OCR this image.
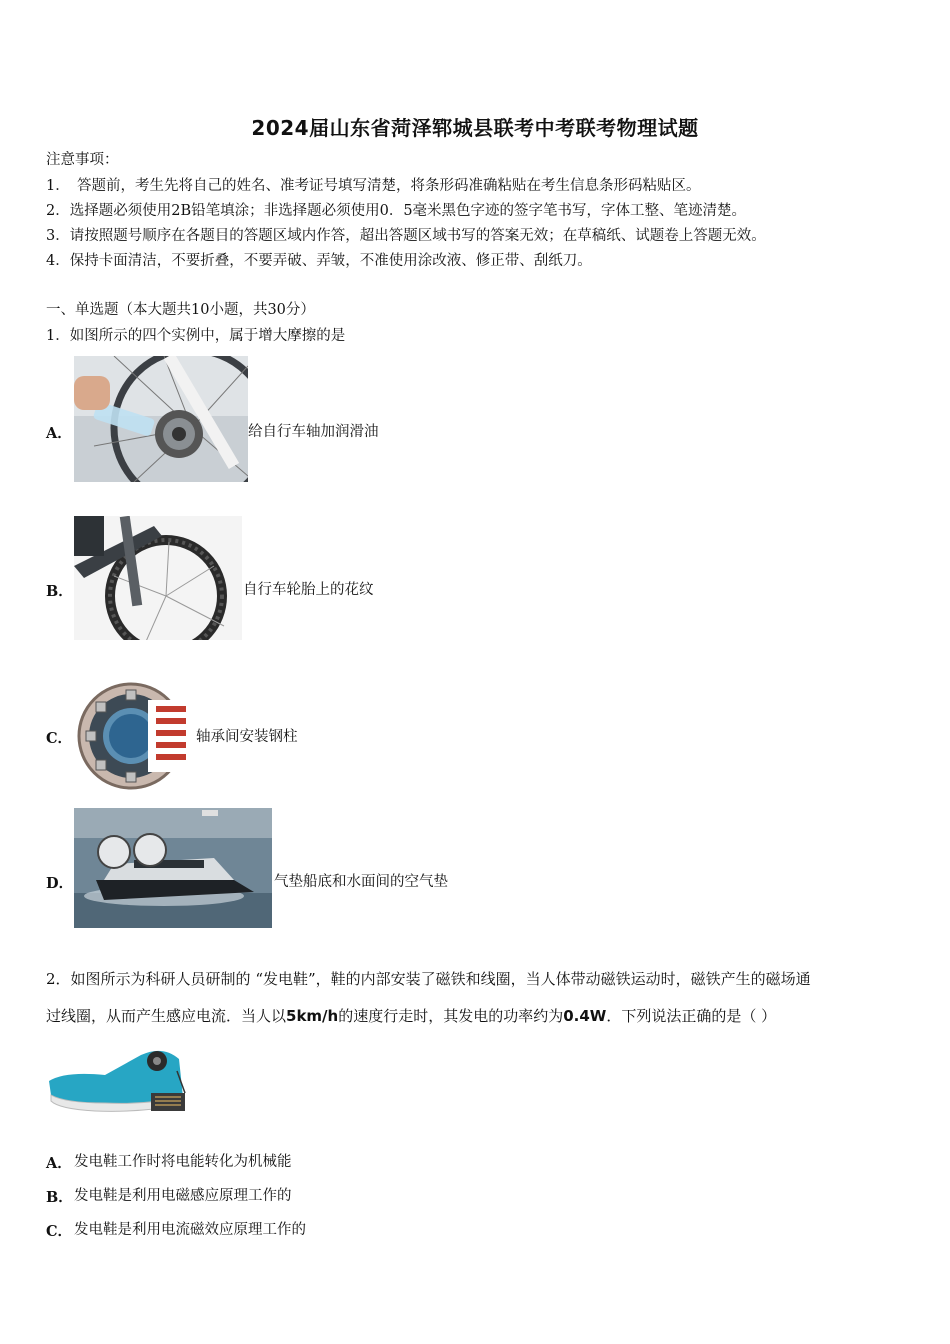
2024届山东省菏泽郓城县联考中考联考物理试题
注意事项：
1．　答题前，考生先将自己的姓名、准考证号填写清楚，将条形码准确粘贴在考生信息条形码粘贴区。
2．选择题必须使用2B铅笔填涂；非选择题必须使用0．5毫米黑色字迹的签字笔书写，字体工整、笔迹清楚。
3．请按照题号顺序在各题目的答题区域内作答，超出答题区域书写的答案无效；在草稿纸、试题卷上答题无效。
4．保持卡面清洁，不要折叠，不要弄破、弄皱，不准使用涂改液、修正带、刮纸刀。
一、单选题（本大题共10小题，共30分）
1．如图所示的四个实例中，属于增大摩擦的是
A．	给自行车轴加润滑油
B．	自行车轮胎上的花纹
C．	轴承间安装钢柱
D．	气垫船底和水面间的空气垫
2．如图所示为科研人员研制的 “发电鞋”，鞋的内部安装了磁铁和线圈，当人体带动磁铁运动时，磁铁产生的磁场通
过线圈，从而产生感应电流．当人以5km/h的速度行走时，其发电的功率约为0.4W．下列说法正确的是（ ）
A． 发电鞋工作时将电能转化为机械能
B． 发电鞋是利用电磁感应原理工作的
C． 发电鞋是利用电流磁效应原理工作的
